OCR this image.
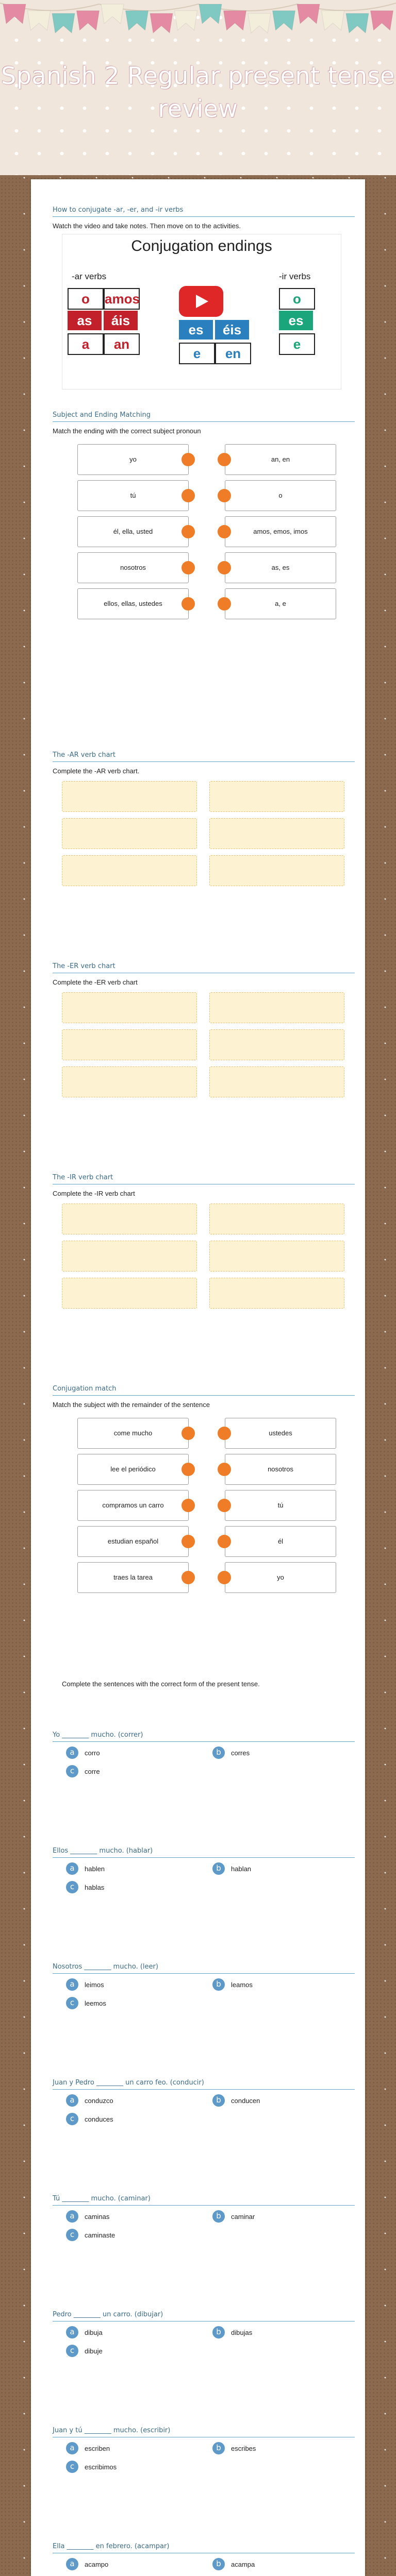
Spanish 2 Regular present tense
review
How to conjugate -ar, -er, and -ir verbs
Watch the video and take notes. Then move on to the activities.
Conjugation endings
-ar verbs	-ir verbs
o	amos
as	áis
a	an
es	éis
e	en
o
es
e
Subject and Ending Matching
Match the ending with the correct subject pronoun
yo	an, en
tú	o
él, ella, usted	amos, emos, imos
nosotros	as, es
ellos, ellas, ustedes	a, e
The -AR verb chart
Complete the -AR verb chart.
The -ER verb chart
Complete the -ER verb chart
The -IR verb chart
Complete the -IR verb chart
Conjugation match
Match the subject with the remainder of the sentence
come mucho	ustedes
lee el periódico	nosotros
compramos un carro	tú
estudian español	él
traes la tarea	yo
Complete the sentences with the correct form of the present tense.
Yo ________ mucho. (correr)
a	corro	b	corres
c	corre
Ellos ________ mucho. (hablar)
a	hablen	b	hablan
c	hablas
Nosotros ________ mucho. (leer)
a	leimos	b	leamos
c	leemos
Juan y Pedro ________ un carro feo. (conducir)
a	conduzco	b	conducen
c	conduces
Tú ________ mucho. (caminar)
a	caminas	b	caminar
c	caminaste
Pedro ________ un carro. (dibujar)
a	dibuja	b	dibujas
c	dibuje
Juan y tú ________ mucho. (escribir)
a	escriben	b	escribes
c	escribimos
Ella ________ en febrero. (acampar)
a	acampo	b	acampa
